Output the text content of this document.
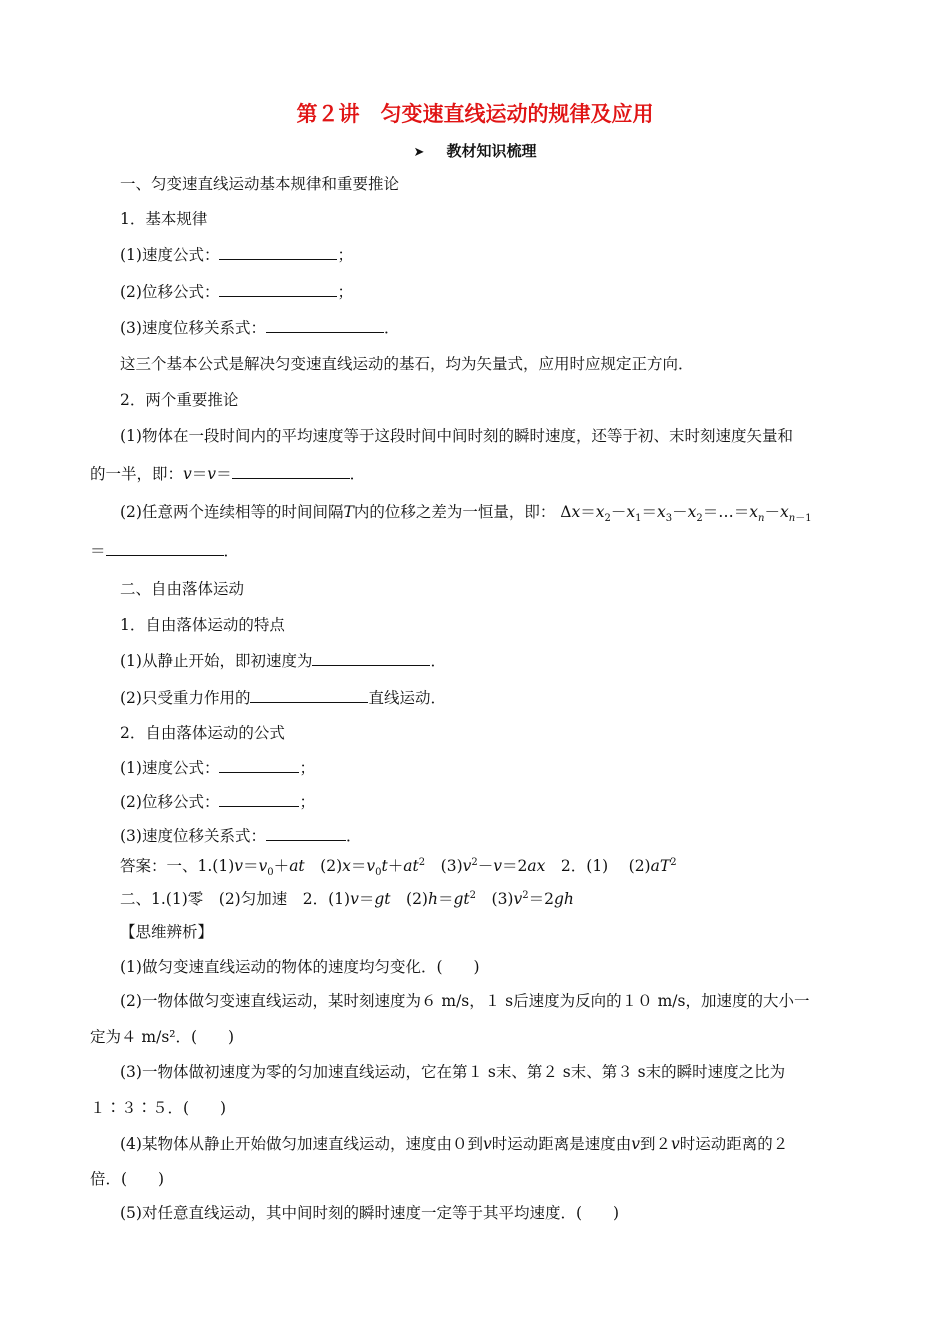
第２讲　匀变速直线运动的规律及应用
➤ 教材知识梳理
一、匀变速直线运动基本规律和重要推论
1．基本规律
(1)速度公式：	；
(2)位移公式：	；
(3)速度位移关系式：	．
这三个基本公式是解决匀变速直线运动的基石，均为矢量式，应用时应规定正方向．
2．两个重要推论
(1)物体在一段时间内的平均速度等于这段时间中间时刻的瞬时速度，还等于初、末时刻速度矢量和
的一半，即：v＝v＝	．
(2)任意两个连续相等的时间间隔T内的位移之差为一恒量，即： $\Delta x=x_2-x_1=x_3-x_2=\dots=x_n-x_{n-1}$
＝	．
二、自由落体运动
1．自由落体运动的特点
(1)从静止开始，即初速度为	．
(2)只受重力作用的	直线运动．
2．自由落体运动的公式
(1)速度公式：	；
(2)位移公式：	；
(3)速度位移关系式：	．
答案：一、$1.(1)v=v_0+at$　$(2)x=v_0t+at^2$　$(3)v^2-v=2ax$　2．(1)　 $(2)aT^2$
二、1.(1)零　(2)匀加速　2．(1)v＝gt　$(2)h=gt^2$　$(3)v^2=2gh$
【思维辨析】
(1)做匀变速直线运动的物体的速度均匀变化．(　　)
(2)一物体做匀变速直线运动，某时刻速度为６ m/s，１ s后速度为反向的１０ m/s，加速度的大小一
定为４ m/s²．(　　)
(3)一物体做初速度为零的匀加速直线运动，它在第１ s末、第２ s末、第３ s末的瞬时速度之比为
１∶３∶５．(　　)
(4)某物体从静止开始做匀加速直线运动，速度由０到v时运动距离是速度由v到２v时运动距离的２
倍．(　　)
(5)对任意直线运动，其中间时刻的瞬时速度一定等于其平均速度．(　　)
